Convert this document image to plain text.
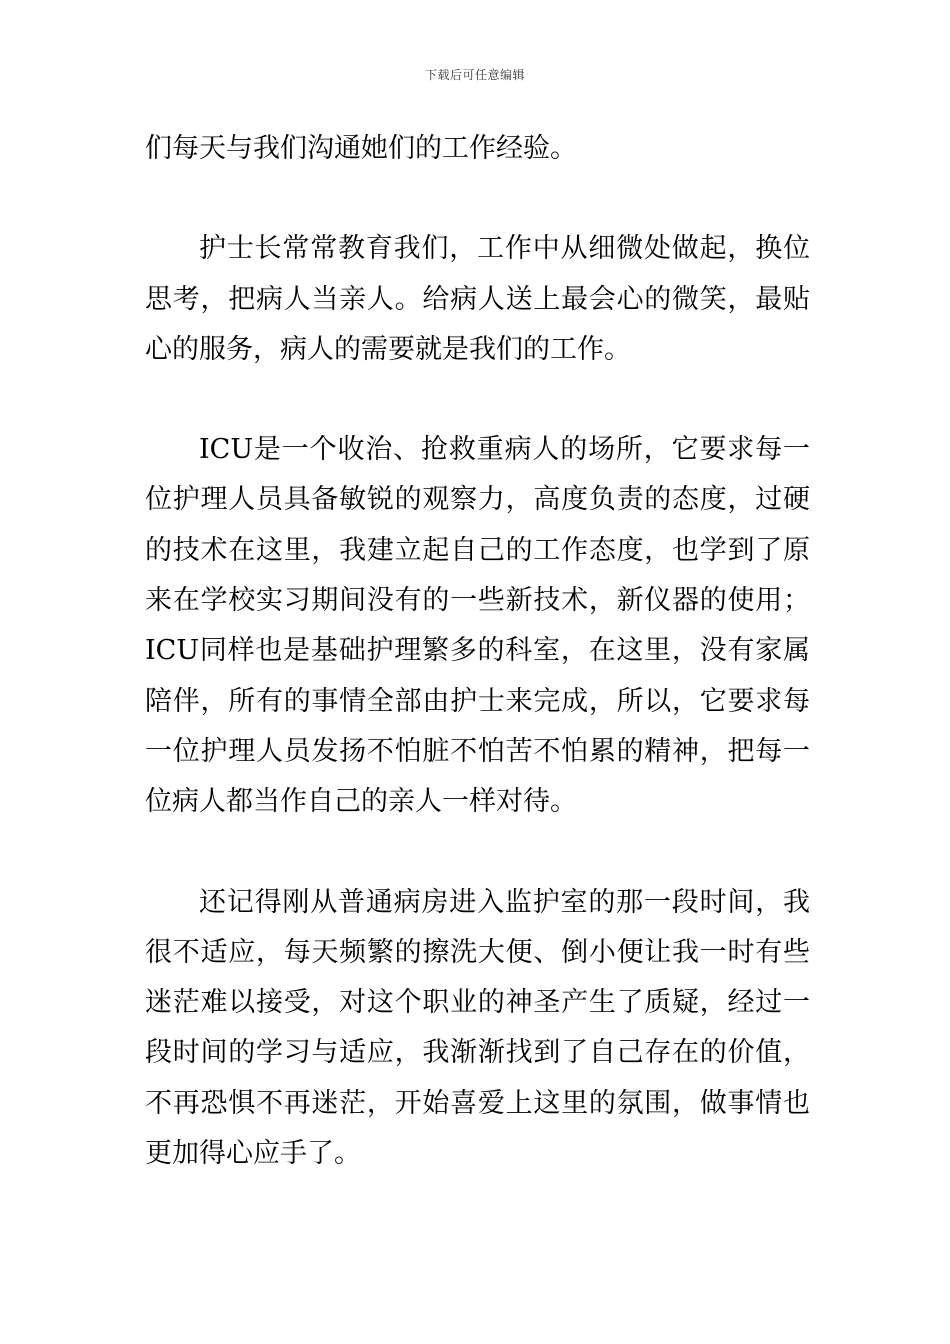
下载后可任意编辑

们每天与我们沟通她们的工作经验。

护士长常常教育我们，工作中从细微处做起，换位思考，把病人当亲人。给病人送上最会心的微笑，最贴心的服务，病人的需要就是我们的工作。

ICU是一个收治、抢救重病人的场所，它要求每一位护理人员具备敏锐的观察力，高度负责的态度，过硬的技术在这里，我建立起自己的工作态度，也学到了原来在学校实习期间没有的一些新技术，新仪器的使用；ICU同样也是基础护理繁多的科室，在这里，没有家属陪伴，所有的事情全部由护士来完成，所以，它要求每一位护理人员发扬不怕脏不怕苦不怕累的精神，把每一位病人都当作自己的亲人一样对待。

还记得刚从普通病房进入监护室的那一段时间，我很不适应，每天频繁的擦洗大便、倒小便让我一时有些迷茫难以接受，对这个职业的神圣产生了质疑，经过一段时间的学习与适应，我渐渐找到了自己存在的价值，不再恐惧不再迷茫，开始喜爱上这里的氛围，做事情也更加得心应手了。
